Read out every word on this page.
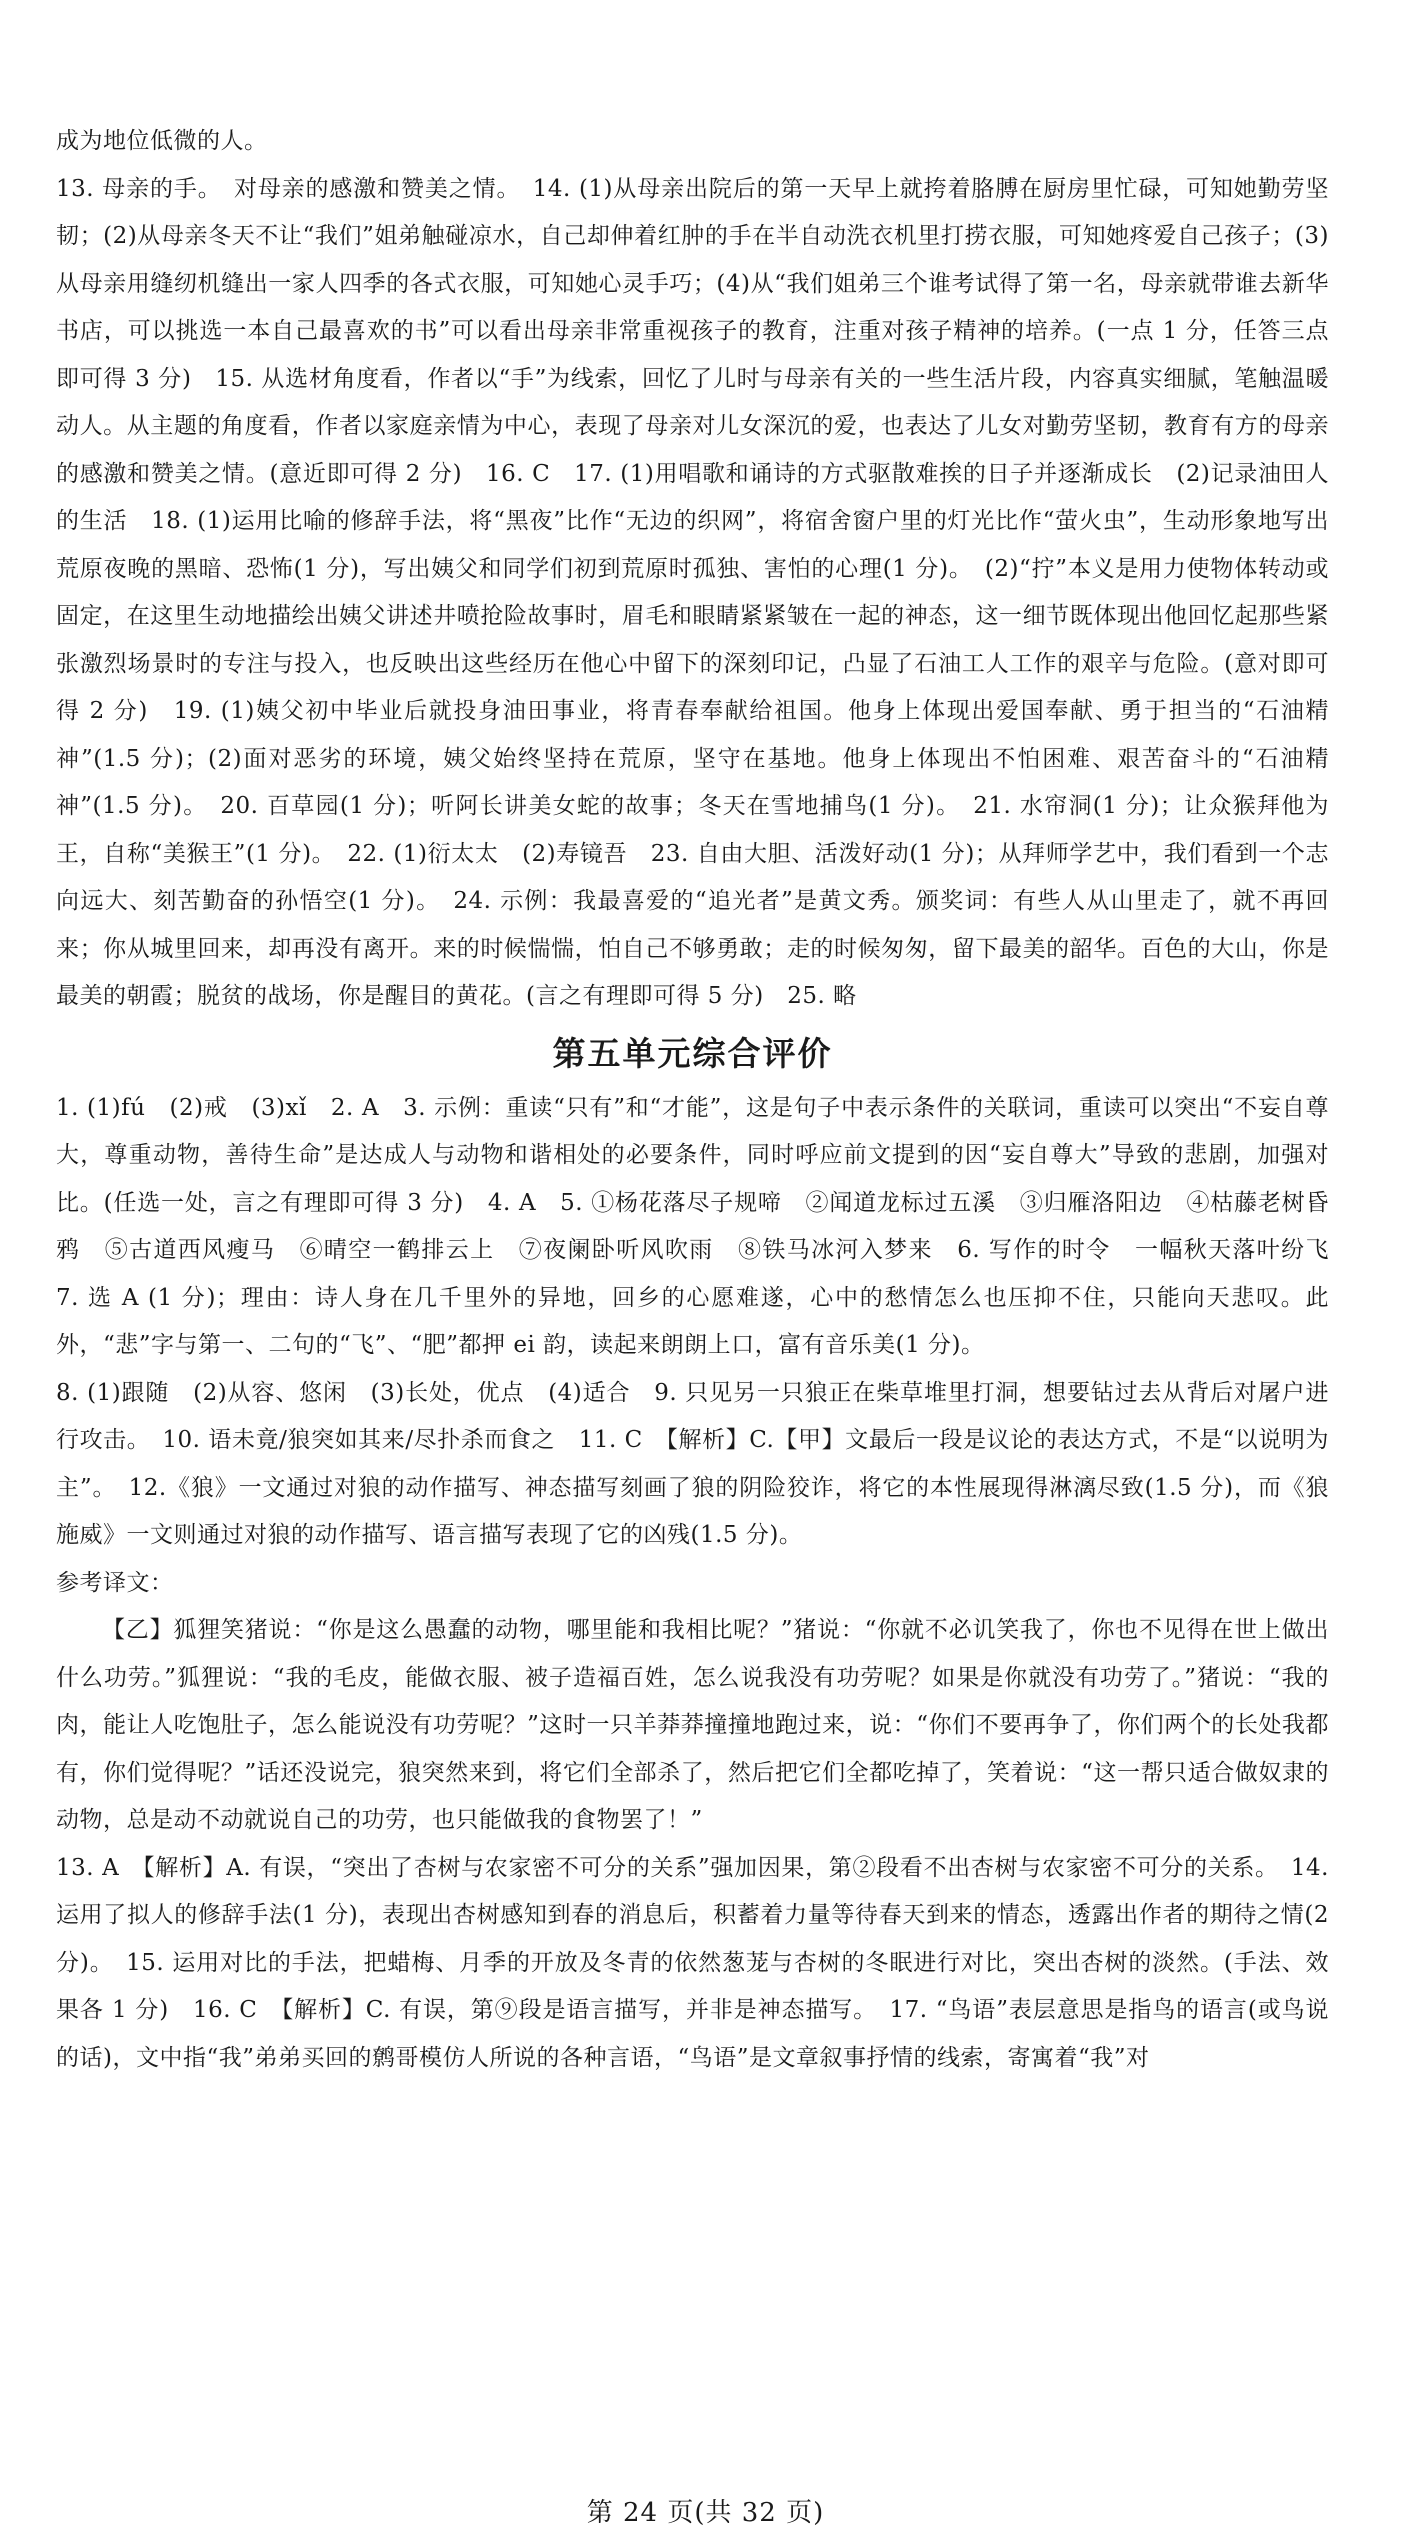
成为地位低微的人。

13. 母亲的手。　对母亲的感激和赞美之情。　14. (1)从母亲出院后的第一天早上就挎着胳膊在厨房里忙碌，可知她勤劳坚韧；(2)从母亲冬天不让“我们”姐弟触碰凉水，自己却伸着红肿的手在半自动洗衣机里打捞衣服，可知她疼爱自己孩子；(3)从母亲用缝纫机缝出一家人四季的各式衣服，可知她心灵手巧；(4)从“我们姐弟三个谁考试得了第一名，母亲就带谁去新华书店，可以挑选一本自己最喜欢的书”可以看出母亲非常重视孩子的教育，注重对孩子精神的培养。(一点 1 分，任答三点即可得 3 分)　15. 从选材角度看，作者以“手”为线索，回忆了儿时与母亲有关的一些生活片段，内容真实细腻，笔触温暖动人。从主题的角度看，作者以家庭亲情为中心，表现了母亲对儿女深沉的爱，也表达了儿女对勤劳坚韧，教育有方的母亲的感激和赞美之情。(意近即可得 2 分)　16. C　17. (1)用唱歌和诵诗的方式驱散难挨的日子并逐渐成长　(2)记录油田人的生活　18. (1)运用比喻的修辞手法，将“黑夜”比作“无边的织网”，将宿舍窗户里的灯光比作“萤火虫”，生动形象地写出荒原夜晚的黑暗、恐怖(1 分)，写出姨父和同学们初到荒原时孤独、害怕的心理(1 分)。　(2)“拧”本义是用力使物体转动或固定，在这里生动地描绘出姨父讲述井喷抢险故事时，眉毛和眼睛紧紧皱在一起的神态，这一细节既体现出他回忆起那些紧张激烈场景时的专注与投入，也反映出这些经历在他心中留下的深刻印记，凸显了石油工人工作的艰辛与危险。(意对即可得 2 分)　19. (1)姨父初中毕业后就投身油田事业，将青春奉献给祖国。他身上体现出爱国奉献、勇于担当的“石油精神”(1.5 分)；(2)面对恶劣的环境，姨父始终坚持在荒原，坚守在基地。他身上体现出不怕困难、艰苦奋斗的“石油精神”(1.5 分)。　20. 百草园(1 分)；听阿长讲美女蛇的故事；冬天在雪地捕鸟(1 分)。　21. 水帘洞(1 分)；让众猴拜他为王，自称“美猴王”(1 分)。　22. (1)衍太太　(2)寿镜吾　23. 自由大胆、活泼好动(1 分)；从拜师学艺中，我们看到一个志向远大、刻苦勤奋的孙悟空(1 分)。　24. 示例：我最喜爱的“追光者”是黄文秀。颁奖词：有些人从山里走了，就不再回来；你从城里回来，却再没有离开。来的时候惴惴，怕自己不够勇敢；走的时候匆匆，留下最美的韶华。百色的大山，你是最美的朝霞；脱贫的战场，你是醒目的黄花。(言之有理即可得 5 分)　25. 略

第五单元综合评价

1. (1)fú　(2)戒　(3)xǐ　2. A　3. 示例：重读“只有”和“才能”，这是句子中表示条件的关联词，重读可以突出“不妄自尊大，尊重动物，善待生命”是达成人与动物和谐相处的必要条件，同时呼应前文提到的因“妄自尊大”导致的悲剧，加强对比。(任选一处，言之有理即可得 3 分)　4. A　5. ①杨花落尽子规啼　②闻道龙标过五溪　③归雁洛阳边　④枯藤老树昏鸦　⑤古道西风瘦马　⑥晴空一鹤排云上　⑦夜阑卧听风吹雨　⑧铁马冰河入梦来　6. 写作的时令　一幅秋天落叶纷飞　7. 选 A (1 分)；理由：诗人身在几千里外的异地，回乡的心愿难遂，心中的愁情怎么也压抑不住，只能向天悲叹。此外，“悲”字与第一、二句的“飞”、“肥”都押 ei 韵，读起来朗朗上口，富有音乐美(1 分)。

8. (1)跟随　(2)从容、悠闲　(3)长处，优点　(4)适合　9. 只见另一只狼正在柴草堆里打洞，想要钻过去从背后对屠户进行攻击。　10. 语未竟/狼突如其来/尽扑杀而食之　11. C　【解析】C.【甲】文最后一段是议论的表达方式，不是“以说明为主”。　12.《狼》一文通过对狼的动作描写、神态描写刻画了狼的阴险狡诈，将它的本性展现得淋漓尽致(1.5 分)，而《狼施威》一文则通过对狼的动作描写、语言描写表现了它的凶残(1.5 分)。

参考译文：

【乙】狐狸笑猪说：“你是这么愚蠢的动物，哪里能和我相比呢？”猪说：“你就不必讥笑我了，你也不见得在世上做出什么功劳。”狐狸说：“我的毛皮，能做衣服、被子造福百姓，怎么说我没有功劳呢？如果是你就没有功劳了。”猪说：“我的肉，能让人吃饱肚子，怎么能说没有功劳呢？”这时一只羊莽莽撞撞地跑过来，说：“你们不要再争了，你们两个的长处我都有，你们觉得呢？”话还没说完，狼突然来到，将它们全部杀了，然后把它们全都吃掉了，笑着说：“这一帮只适合做奴隶的动物，总是动不动就说自己的功劳，也只能做我的食物罢了！”

13. A　【解析】A. 有误，“突出了杏树与农家密不可分的关系”强加因果，第②段看不出杏树与农家密不可分的关系。　14. 运用了拟人的修辞手法(1 分)，表现出杏树感知到春的消息后，积蓄着力量等待春天到来的情态，透露出作者的期待之情(2 分)。　15. 运用对比的手法，把蜡梅、月季的开放及冬青的依然葱茏与杏树的冬眠进行对比，突出杏树的淡然。(手法、效果各 1 分)　16. C　【解析】C. 有误，第⑨段是语言描写，并非是神态描写。　17. “鸟语”表层意思是指鸟的语言(或鸟说的话)，文中指“我”弟弟买回的鹩哥模仿人所说的各种言语，“鸟语”是文章叙事抒情的线索，寄寓着“我”对

第 24 页(共 32 页)
